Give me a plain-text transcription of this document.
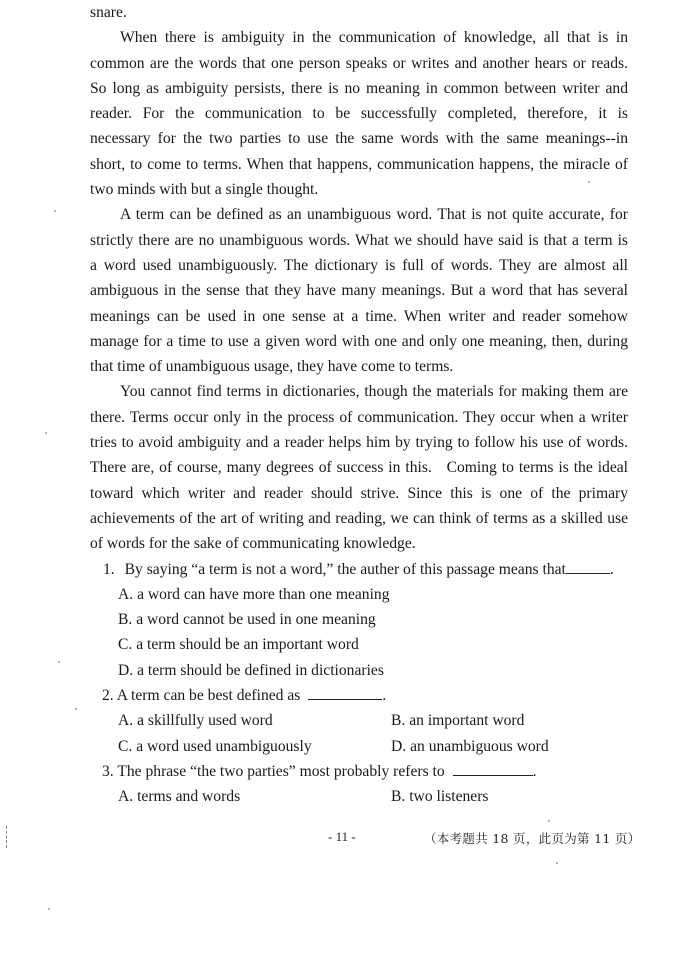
snare.
When there is ambiguity in the communication of knowledge, all that is in
common are the words that one person speaks or writes and another hears or reads.
So long as ambiguity persists, there is no meaning in common between writer and
reader. For the communication to be successfully completed, therefore, it is
necessary for the two parties to use the same words with the same meanings--in
short, to come to terms. When that happens, communication happens, the miracle of
two minds with but a single thought.
A term can be defined as an unambiguous word. That is not quite accurate, for
strictly there are no unambiguous words. What we should have said is that a term is
a word used unambiguously. The dictionary is full of words. They are almost all
ambiguous in the sense that they have many meanings. But a word that has several
meanings can be used in one sense at a time. When writer and reader somehow
manage for a time to use a given word with one and only one meaning, then, during
that time of unambiguous usage, they have come to terms.
You cannot find terms in dictionaries, though the materials for making them are
there. Terms occur only in the process of communication. They occur when a writer
tries to avoid ambiguity and a reader helps him by trying to follow his use of words.
There are, of course, many degrees of success in this.   Coming to terms is the ideal
toward which writer and reader should strive. Since this is one of the primary
achievements of the art of writing and reading, we can think of terms as a skilled use
of words for the sake of communicating knowledge.
1. By saying “a term is not a word,” the auther of this passage means that	.
A. a word can have more than one meaning
B. a word cannot be used in one meaning
C. a term should be an important word
D. a term should be defined in dictionaries
2. A term can be best defined as	.
A. a skillfully used word	B. an important word
C. a word used unambiguously	D. an unambiguous word
3. The phrase “the two parties” most probably refers to	.
A. terms and words	B. two listeners
- 11 -	（本考题共 18 页，此页为第 11 页）
